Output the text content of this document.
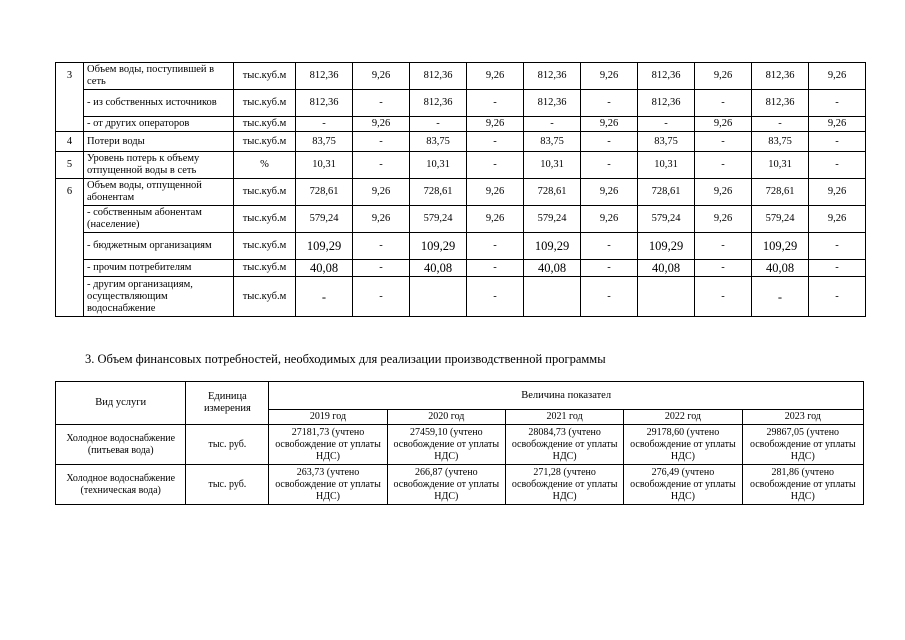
3	Объем воды, поступившей в сеть	тыс.куб.м	812,36	9,26	812,36	9,26	812,36	9,26	812,36	9,26	812,36	9,26
	- из собственных источников	тыс.куб.м	812,36	-	812,36	-	812,36	-	812,36	-	812,36	-
	- от других операторов	тыс.куб.м	-	9,26	-	9,26	-	9,26	-	9,26	-	9,26
4	Потери воды	тыс.куб.м	83,75	-	83,75	-	83,75	-	83,75	-	83,75	-
5	Уровень потерь к объему отпущенной воды в сеть	%	10,31	-	10,31	-	10,31	-	10,31	-	10,31	-
6	Объем воды, отпущенной абонентам	тыс.куб.м	728,61	9,26	728,61	9,26	728,61	9,26	728,61	9,26	728,61	9,26
	- собственным абонентам (население)	тыс.куб.м	579,24	9,26	579,24	9,26	579,24	9,26	579,24	9,26	579,24	9,26
	- бюджетным организациям	тыс.куб.м	109,29	-	109,29	-	109,29	-	109,29	-	109,29	-
	- прочим потребителям	тыс.куб.м	40,08	-	40,08	-	40,08	-	40,08	-	40,08	-
	- другим организациям, осуществляющим водоснабжение	тыс.куб.м	-	-		-		-		-	-	-
3. Объем финансовых потребностей, необходимых для реализации производственной программы
Вид услуги	Единица измерения	Величина показател				
		2019 год	2020 год	2021 год	2022 год	2023 год
Холодное водоснабжение (питьевая вода)	тыс. руб.	27181,73 (учтено освобождение от уплаты НДС)	27459,10 (учтено освобождение от уплаты НДС)	28084,73 (учтено освобождение от уплаты НДС)	29178,60 (учтено освобождение от уплаты НДС)	29867,05 (учтено освобождение от уплаты НДС)
Холодное водоснабжение (техническая вода)	тыс. руб.	263,73 (учтено освобождение от уплаты НДС)	266,87 (учтено освобождение от уплаты НДС)	271,28 (учтено освобождение от уплаты НДС)	276,49 (учтено освобождение от уплаты НДС)	281,86 (учтено освобождение от уплаты НДС)
